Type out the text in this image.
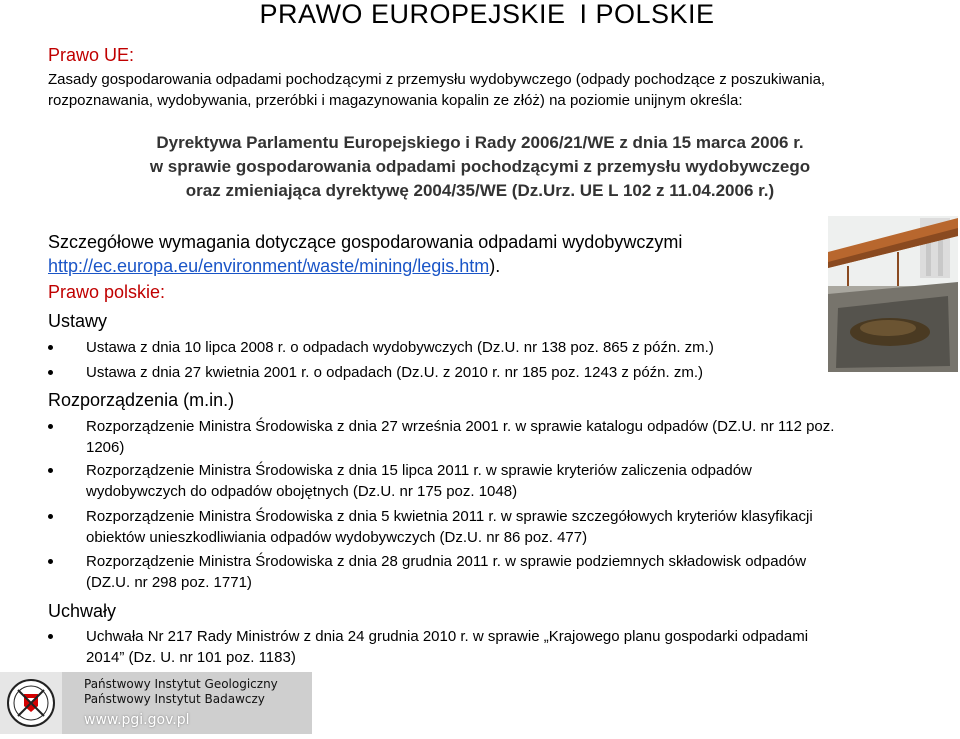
PRAWO EUROPEJSKIE I POLSKIE
Prawo UE:
Zasady gospodarowania odpadami pochodzącymi z przemysłu wydobywczego (odpady pochodzące z poszukiwania,
rozpoznawania, wydobywania, przeróbki i magazynowania kopalin ze złóż) na poziomie unijnym określa:
Dyrektywa Parlamentu Europejskiego i Rady 2006/21/WE z dnia 15 marca 2006 r.
w sprawie gospodarowania odpadami pochodzącymi z przemysłu wydobywczego
oraz zmieniająca dyrektywę 2004/35/WE (Dz.Urz. UE L 102 z 11.04.2006 r.)
Szczegółowe wymagania dotyczące gospodarowania odpadami wydobywczymi
http://ec.europa.eu/environment/waste/mining/legis.htm).
Prawo polskie:
Ustawy
Ustawa z dnia 10 lipca 2008 r. o odpadach wydobywczych (Dz.U. nr 138 poz. 865 z późn. zm.)
Ustawa z dnia 27 kwietnia 2001 r. o odpadach (Dz.U. z 2010 r. nr 185 poz. 1243 z późn. zm.)
Rozporządzenia (m.in.)
Rozporządzenie Ministra Środowiska z dnia 27 września 2001 r. w sprawie katalogu odpadów (DZ.U. nr 112 poz.
1206)
Rozporządzenie Ministra Środowiska z dnia 15 lipca 2011 r. w sprawie kryteriów zaliczenia odpadów
wydobywczych do odpadów obojętnych (Dz.U. nr 175 poz. 1048)
Rozporządzenie Ministra Środowiska z dnia 5 kwietnia 2011 r. w sprawie szczegółowych kryteriów klasyfikacji
obiektów unieszkodliwiania odpadów wydobywczych (Dz.U. nr 86 poz. 477)
Rozporządzenie Ministra Środowiska z dnia 28 grudnia 2011 r. w sprawie podziemnych składowisk odpadów
(DZ.U. nr 298 poz. 1771)
Uchwały
Uchwała Nr 217 Rady Ministrów z dnia 24 grudnia 2010 r. w sprawie „Krajowego planu gospodarki odpadami
2014” (Dz. U. nr 101 poz. 1183)
Państwowy Instytut Geologiczny
Państwowy Instytut Badawczy
www.pgi.gov.pl
